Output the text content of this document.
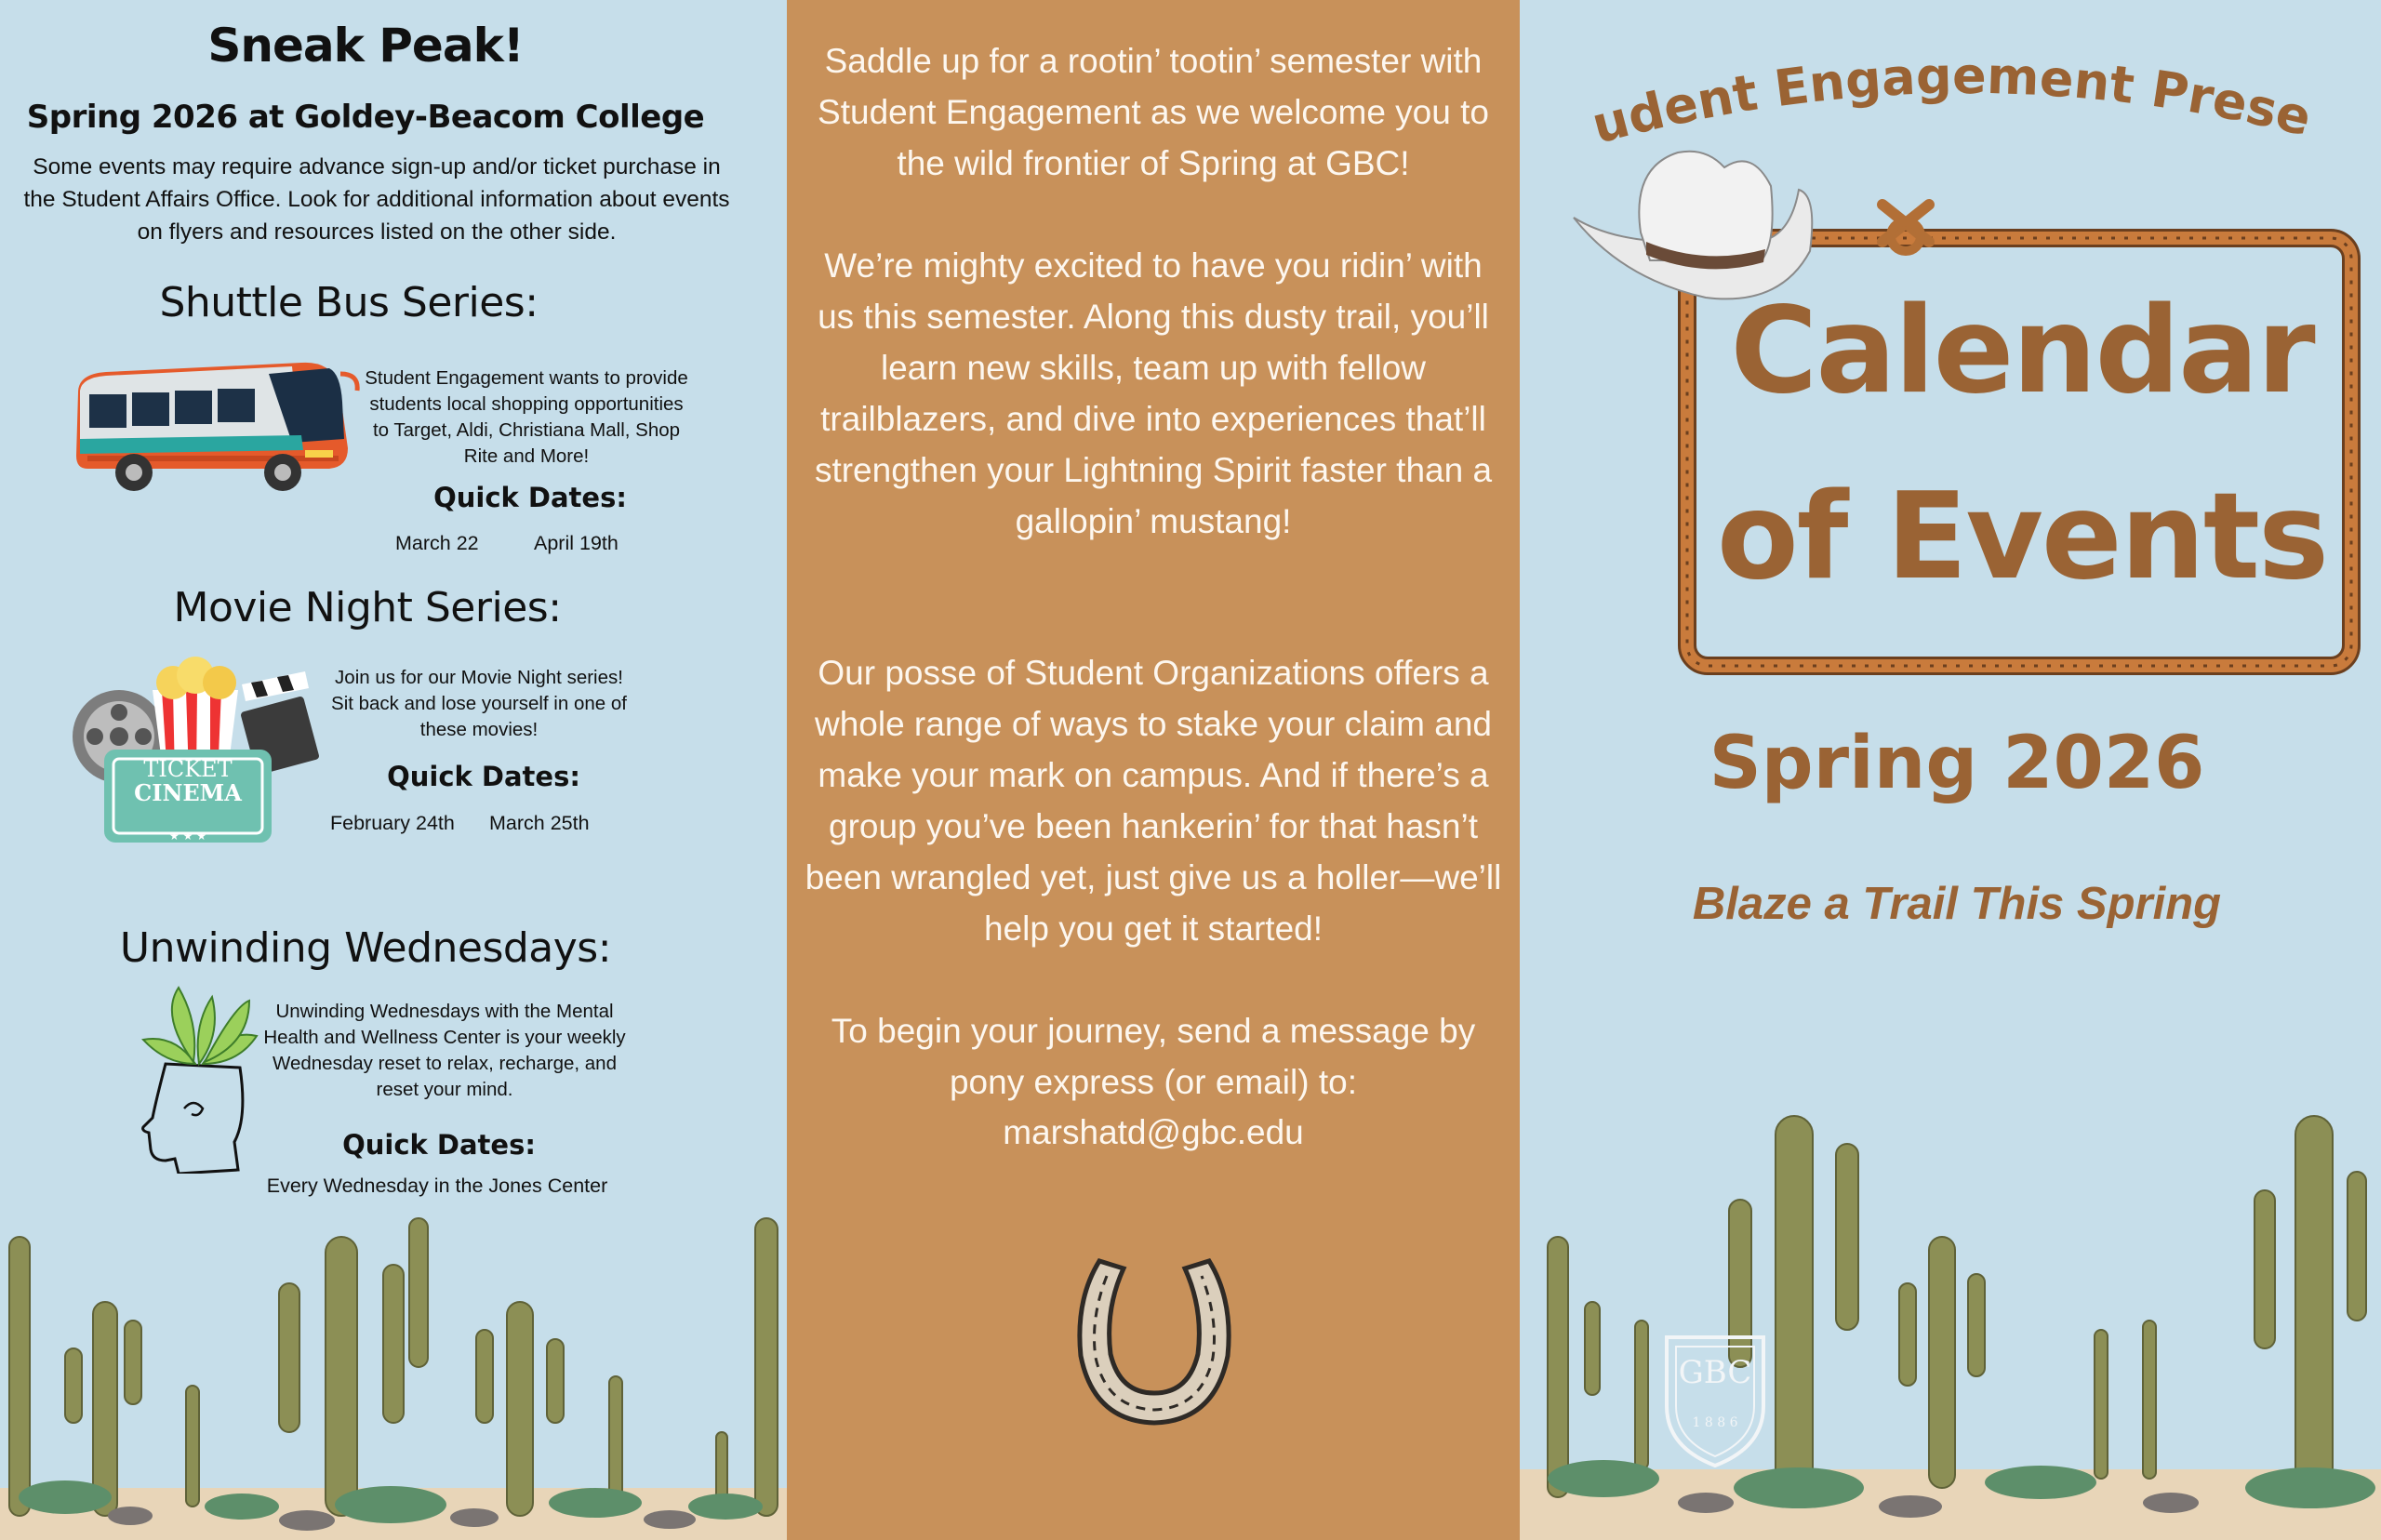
Sneak Peak!
Spring 2026 at Goldey-Beacom College
Some events may require advance sign-up and/or ticket purchase in the Student Affairs Office. Look for additional information about events on flyers and resources listed on the other side.
Shuttle Bus Series:
Student Engagement wants to provide students local shopping opportunities to Target, Aldi, Christiana Mall, Shop Rite and More!
Quick Dates:
March 22	April 19th
Movie Night Series:
★ ★ ★
TICKET
CINEMA
Join us for our Movie Night series! Sit back and lose yourself in one of these movies!
Quick Dates:
February 24th March 25th
Unwinding Wednesdays:
Unwinding Wednesdays with the Mental Health and Wellness Center is your weekly Wednesday reset to relax, recharge, and reset your mind.
Quick Dates:
Every Wednesday in the Jones Center
Saddle up for a rootin’ tootin’ semester with Student Engagement as we welcome you to the wild frontier of Spring at GBC!
We’re mighty excited to have you ridin’ with us this semester. Along this dusty trail, you’ll learn new skills, team up with fellow trailblazers, and dive into experiences that’ll strengthen your Lightning Spirit faster than a gallopin’ mustang!
Our posse of Student Organizations offers a whole range of ways to stake your claim and make your mark on campus. And if there’s a group you’ve been hankerin’ for that hasn’t been wrangled yet, just give us a holler—we’ll help you get it started!
To begin your journey, send a message by pony express (or email) to:
marshatd@gbc.edu
dent Engagement Prese
Calendar
of Events
Spring 2026
Blaze a Trail This Spring
GBC
1 8 8 6
